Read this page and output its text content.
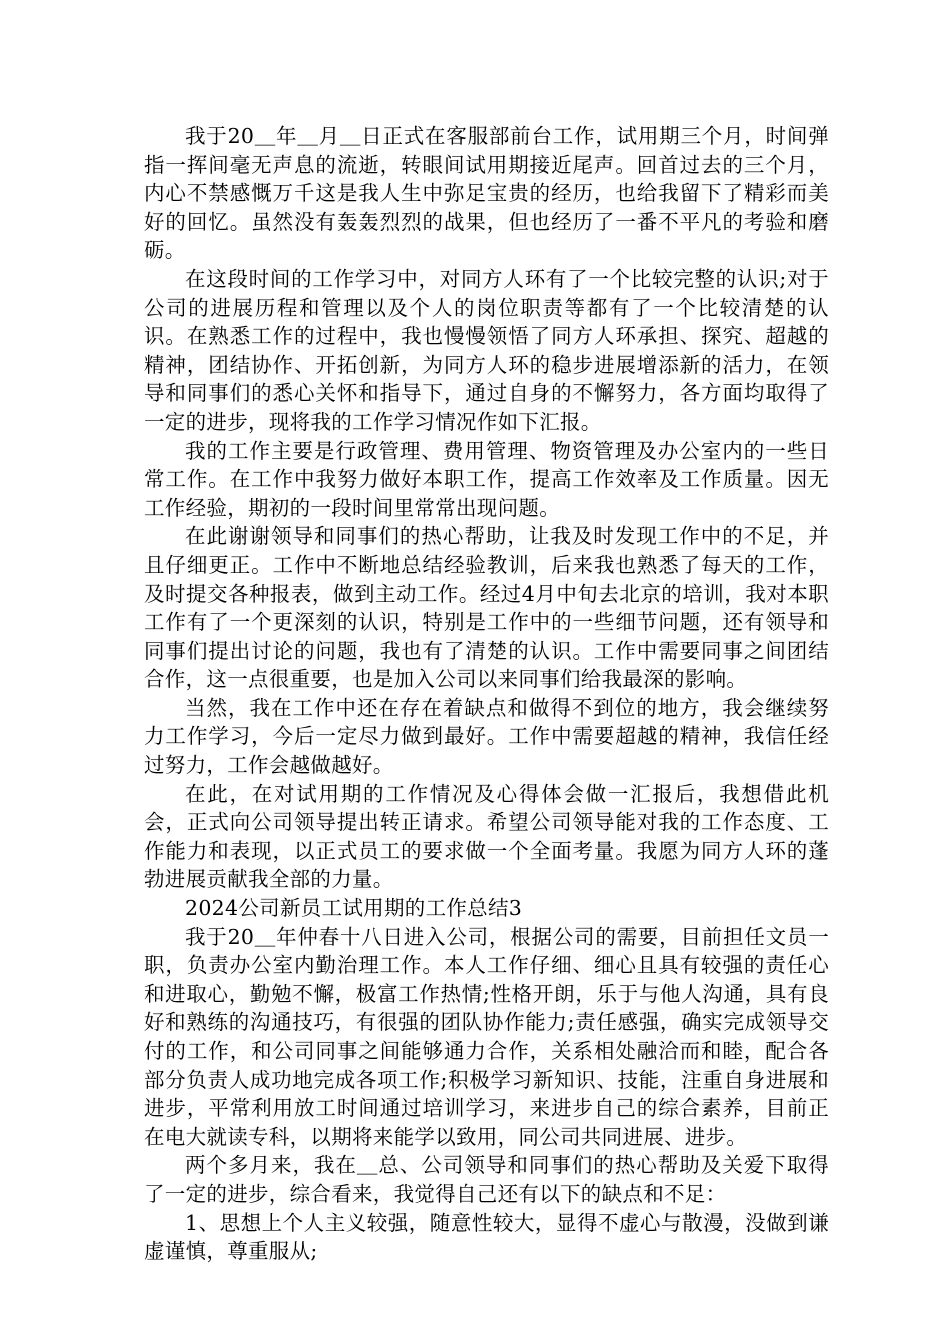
我于20＿年＿月＿日正式在客服部前台工作，试用期三个月，时间弹指一挥间毫无声息的流逝，转眼间试用期接近尾声。回首过去的三个月，内心不禁感慨万千这是我人生中弥足宝贵的经历，也给我留下了精彩而美好的回忆。虽然没有轰轰烈烈的战果，但也经历了一番不平凡的考验和磨砺。

在这段时间的工作学习中，对同方人环有了一个比较完整的认识;对于公司的进展历程和管理以及个人的岗位职责等都有了一个比较清楚的认识。在熟悉工作的过程中，我也慢慢领悟了同方人环承担、探究、超越的精神，团结协作、开拓创新，为同方人环的稳步进展增添新的活力，在领导和同事们的悉心关怀和指导下，通过自身的不懈努力，各方面均取得了一定的进步，现将我的工作学习情况作如下汇报。

我的工作主要是行政管理、费用管理、物资管理及办公室内的一些日常工作。在工作中我努力做好本职工作，提高工作效率及工作质量。因无工作经验，期初的一段时间里常常出现问题。

在此谢谢领导和同事们的热心帮助，让我及时发现工作中的不足，并且仔细更正。工作中不断地总结经验教训，后来我也熟悉了每天的工作，及时提交各种报表，做到主动工作。经过4月中旬去北京的培训，我对本职工作有了一个更深刻的认识，特别是工作中的一些细节问题，还有领导和同事们提出讨论的问题，我也有了清楚的认识。工作中需要同事之间团结合作，这一点很重要，也是加入公司以来同事们给我最深的影响。

当然，我在工作中还在存在着缺点和做得不到位的地方，我会继续努力工作学习，今后一定尽力做到最好。工作中需要超越的精神，我信任经过努力，工作会越做越好。

在此，在对试用期的工作情况及心得体会做一汇报后，我想借此机会，正式向公司领导提出转正请求。希望公司领导能对我的工作态度、工作能力和表现，以正式员工的要求做一个全面考量。我愿为同方人环的蓬勃进展贡献我全部的力量。

2024公司新员工试用期的工作总结3

我于20＿年仲春十八日进入公司，根据公司的需要，目前担任文员一职，负责办公室内勤治理工作。本人工作仔细、细心且具有较强的责任心和进取心，勤勉不懈，极富工作热情;性格开朗，乐于与他人沟通，具有良好和熟练的沟通技巧，有很强的团队协作能力;责任感强，确实完成领导交付的工作，和公司同事之间能够通力合作，关系相处融洽而和睦，配合各部分负责人成功地完成各项工作;积极学习新知识、技能，注重自身进展和进步，平常利用放工时间通过培训学习，来进步自己的综合素养，目前正在电大就读专科，以期将来能学以致用，同公司共同进展、进步。

两个多月来，我在＿总、公司领导和同事们的热心帮助及关爱下取得了一定的进步，综合看来，我觉得自己还有以下的缺点和不足：

1、思想上个人主义较强，随意性较大，显得不虚心与散漫，没做到谦虚谨慎，尊重服从;
